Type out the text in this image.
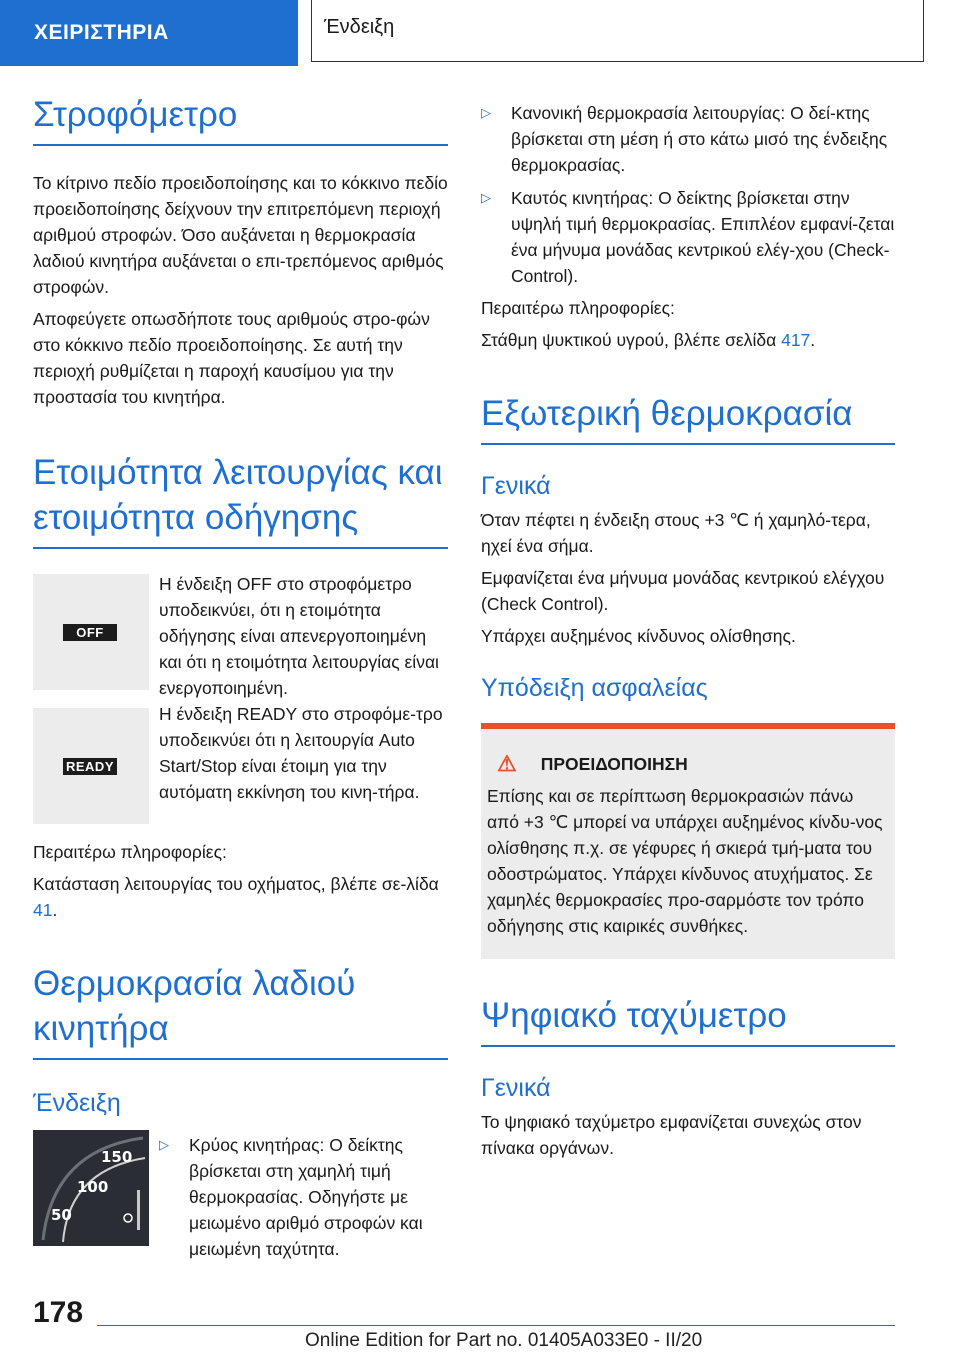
ΧΕΙΡΙΣΤΗΡΙΑ	Ένδειξη
Στροφόμετρο

Το κίτρινο πεδίο προειδοποίησης και το κόκκινο πεδίο προειδοποίησης δείχνουν την επιτρεπόμενη περιοχή αριθμού στροφών. Όσο αυξάνεται η θερμοκρασία λαδιού κινητήρα αυξάνεται ο επι-τρεπόμενος αριθμός στροφών.

Αποφεύγετε οπωσδήποτε τους αριθμούς στρο-φών στο κόκκινο πεδίο προειδοποίησης. Σε αυτή την περιοχή ρυθμίζεται η παροχή καυσίμου για την προστασία του κινητήρα.

Ετοιμότητα λειτουργίας και ετοιμότητα οδήγησης
OFF
Η ένδειξη OFF στο στροφόμετρο υποδεικνύει, ότι η ετοιμότητα οδήγησης είναι απενεργοποιημένη και ότι η ετοιμότητα λειτουργίας είναι ενεργοποιημένη.
READY
Η ένδειξη READY στο στροφόμε-τρο υποδεικνύει ότι η λειτουργία Auto Start/Stop είναι έτοιμη για την αυτόματη εκκίνηση του κινη-τήρα.

Περαιτέρω πληροφορίες:

Κατάσταση λειτουργίας του οχήματος, βλέπε σε-λίδα 41.

Θερμοκρασία λαδιού κινητήρα
Ένδειξη
150
100
50
▷ Κρύος κινητήρας: Ο δείκτης βρίσκεται στη χαμηλή τιμή θερμοκρασίας. Οδηγήστε με μειωμένο αριθμό στροφών και μειωμένη ταχύτητα.
▷ Κανονική θερμοκρασία λειτουργίας: Ο δεί-κτης βρίσκεται στη μέση ή στο κάτω μισό της ένδειξης θερμοκρασίας.
▷ Καυτός κινητήρας: Ο δείκτης βρίσκεται στην υψηλή τιμή θερμοκρασίας. Επιπλέον εμφανί-ζεται ένα μήνυμα μονάδας κεντρικού ελέγ-χου (Check-Control).

Περαιτέρω πληροφορίες:

Στάθμη ψυκτικού υγρού, βλέπε σελίδα 417.

Εξωτερική θερμοκρασία
Γενικά

Όταν πέφτει η ένδειξη στους +3 ℃ ή χαμηλό-τερα, ηχεί ένα σήμα.

Εμφανίζεται ένα μήνυμα μονάδας κεντρικού ελέγχου (Check Control).

Υπάρχει αυξημένος κίνδυνος ολίσθησης.

Υπόδειξη ασφαλείας
⚠ ΠΡΟΕΙΔΟΠΟΙΗΣΗ

Επίσης και σε περίπτωση θερμοκρασιών πάνω από +3 ℃ μπορεί να υπάρχει αυξημένος κίνδυ-νος ολίσθησης π.χ. σε γέφυρες ή σκιερά τμή-ματα του οδοστρώματος. Υπάρχει κίνδυνος ατυχήματος. Σε χαμηλές θερμοκρασίες προ-σαρμόστε τον τρόπο οδήγησης στις καιρικές συνθήκες.

Ψηφιακό ταχύμετρο
Γενικά

Το ψηφιακό ταχύμετρο εμφανίζεται συνεχώς στον πίνακα οργάνων.

178
Online Edition for Part no. 01405A033E0 - II/20
